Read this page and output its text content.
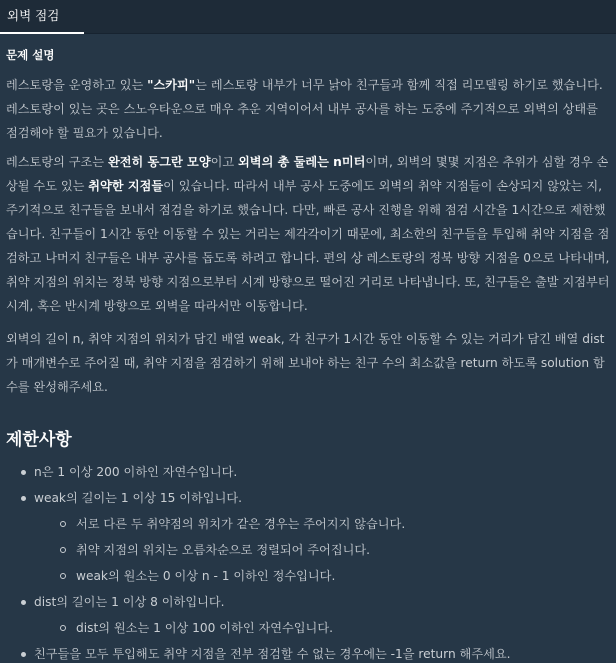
외벽 점검
문제 설명

레스토랑을 운영하고 있는 "스카피"는 레스토랑 내부가 너무 낡아 친구들과 함께 직접 리모델링 하기로 했습니다. 레스토랑이 있는 곳은 스노우타운으로 매우 추운 지역이어서 내부 공사를 하는 도중에 주기적으로 외벽의 상태를 점검해야 할 필요가 있습니다.

레스토랑의 구조는 완전히 동그란 모양이고 외벽의 총 둘레는 n미터이며, 외벽의 몇몇 지점은 추위가 심할 경우 손상될 수도 있는 취약한 지점들이 있습니다. 따라서 내부 공사 도중에도 외벽의 취약 지점들이 손상되지 않았는 지, 주기적으로 친구들을 보내서 점검을 하기로 했습니다. 다만, 빠른 공사 진행을 위해 점검 시간을 1시간으로 제한했습니다. 친구들이 1시간 동안 이동할 수 있는 거리는 제각각이기 때문에, 최소한의 친구들을 투입해 취약 지점을 점검하고 나머지 친구들은 내부 공사를 돕도록 하려고 합니다. 편의 상 레스토랑의 정북 방향 지점을 0으로 나타내며, 취약 지점의 위치는 정북 방향 지점으로부터 시계 방향으로 떨어진 거리로 나타냅니다. 또, 친구들은 출발 지점부터 시계, 혹은 반시계 방향으로 외벽을 따라서만 이동합니다.

외벽의 길이 n, 취약 지점의 위치가 담긴 배열 weak, 각 친구가 1시간 동안 이동할 수 있는 거리가 담긴 배열 dist가 매개변수로 주어질 때, 취약 지점을 점검하기 위해 보내야 하는 친구 수의 최소값을 return 하도록 solution 함수를 완성해주세요.

제한사항
n은 1 이상 200 이하인 자연수입니다.
weak의 길이는 1 이상 15 이하입니다.
서로 다른 두 취약점의 위치가 같은 경우는 주어지지 않습니다.
취약 지점의 위치는 오름차순으로 정렬되어 주어집니다.
weak의 원소는 0 이상 n - 1 이하인 정수입니다.
dist의 길이는 1 이상 8 이하입니다.
dist의 원소는 1 이상 100 이하인 자연수입니다.
친구들을 모두 투입해도 취약 지점을 전부 점검할 수 없는 경우에는 -1을 return 해주세요.
